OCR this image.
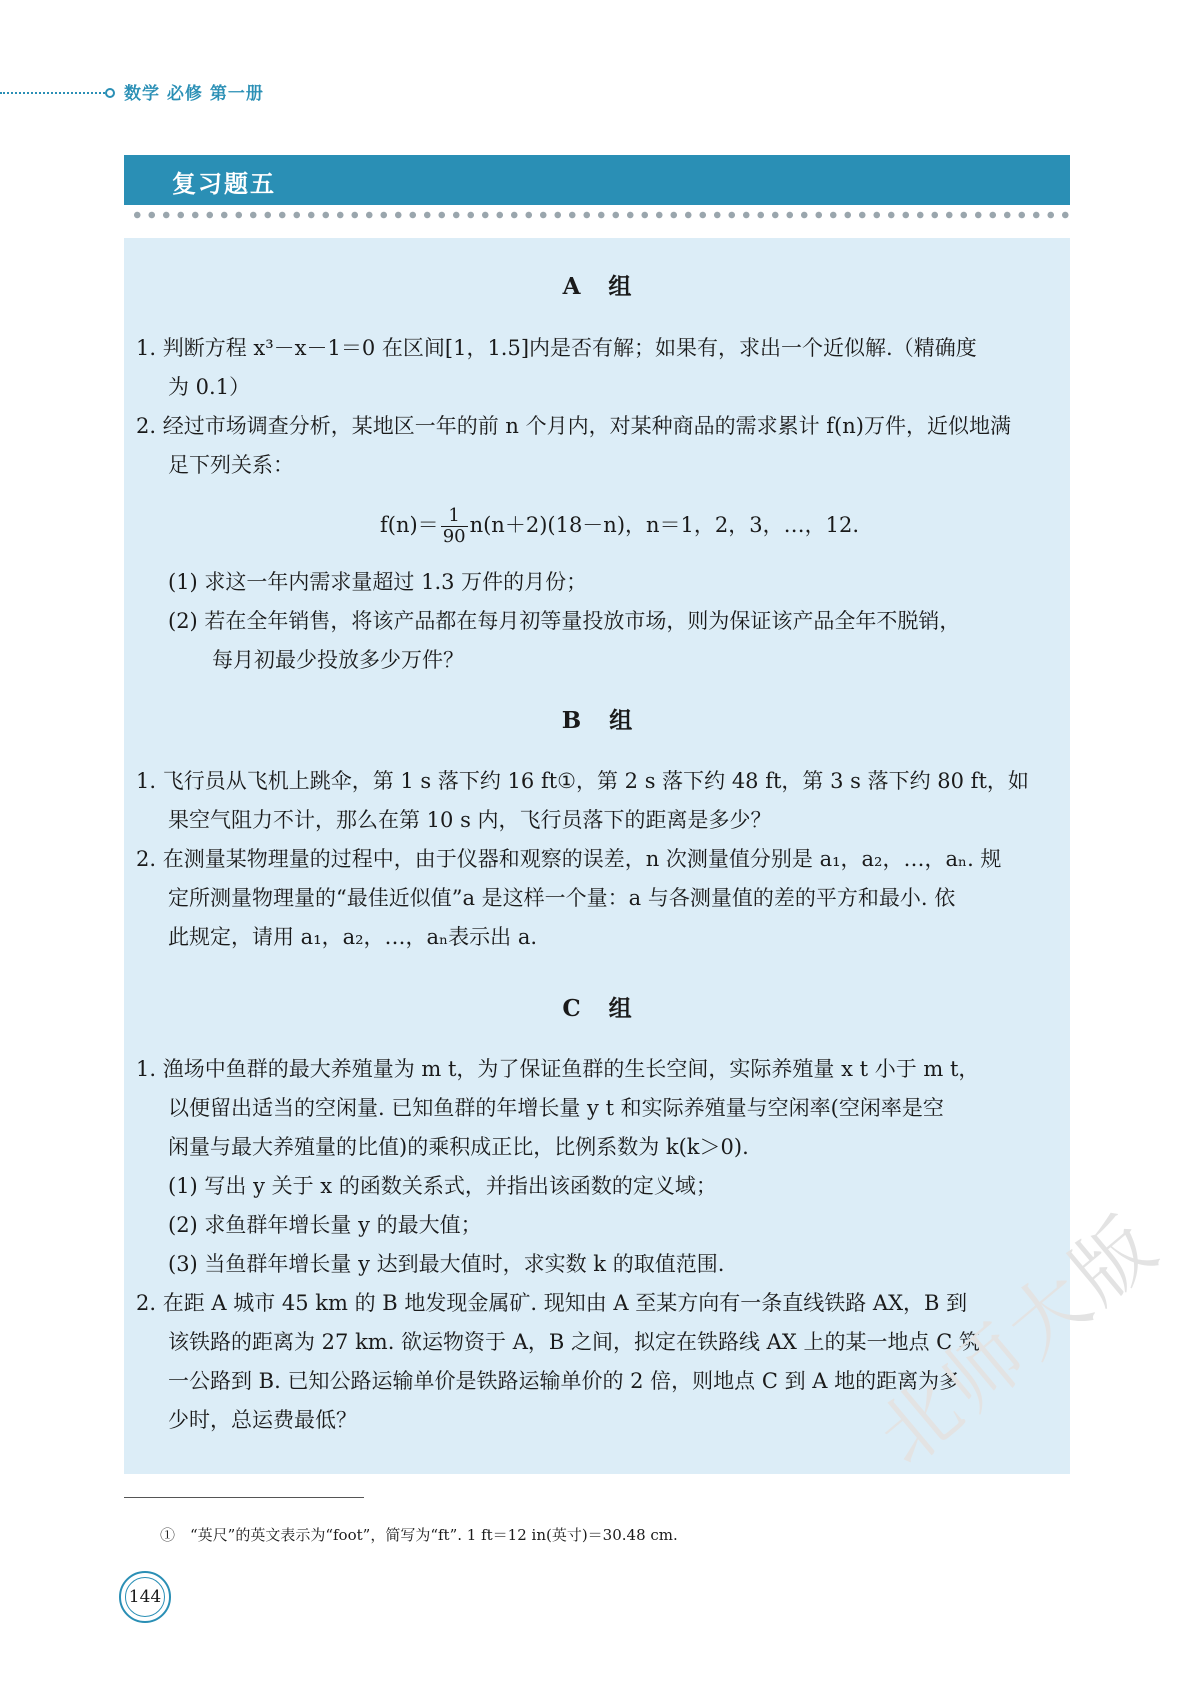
数学 必修 第一册
复习题五
A 组
1. 判断方程 x³－x－1＝0 在区间[1，1.5]内是否有解；如果有，求出一个近似解.（精确度
为 0.1）
2. 经过市场调查分析，某地区一年的前 n 个月内，对某种商品的需求累计 f(n)万件，近似地满
足下列关系：
$f(n)= \frac{1}{90} n(n+2)(18-n)$，n＝1，2，3，…，12.
(1) 求这一年内需求量超过 1.3 万件的月份；
(2) 若在全年销售，将该产品都在每月初等量投放市场，则为保证该产品全年不脱销，
每月初最少投放多少万件？
B 组
1. 飞行员从飞机上跳伞，第 1 s 落下约 16 ft①，第 2 s 落下约 48 ft，第 3 s 落下约 80 ft，如
果空气阻力不计，那么在第 10 s 内，飞行员落下的距离是多少？
2. 在测量某物理量的过程中，由于仪器和观察的误差，n 次测量值分别是 a₁，a₂，…，aₙ. 规
定所测量物理量的“最佳近似值”a 是这样一个量：a 与各测量值的差的平方和最小. 依
此规定，请用 a₁，a₂，…，aₙ表示出 a.
C 组
1. 渔场中鱼群的最大养殖量为 m t，为了保证鱼群的生长空间，实际养殖量 x t 小于 m t，
以便留出适当的空闲量. 已知鱼群的年增长量 y t 和实际养殖量与空闲率(空闲率是空
闲量与最大养殖量的比值)的乘积成正比，比例系数为 k(k＞0).
(1) 写出 y 关于 x 的函数关系式，并指出该函数的定义域；
(2) 求鱼群年增长量 y 的最大值；
(3) 当鱼群年增长量 y 达到最大值时，求实数 k 的取值范围.
2. 在距 A 城市 45 km 的 B 地发现金属矿. 现知由 A 至某方向有一条直线铁路 AX，B 到
该铁路的距离为 27 km. 欲运物资于 A，B 之间，拟定在铁路线 AX 上的某一地点 C 筑
一公路到 B. 已知公路运输单价是铁路运输单价的 2 倍，则地点 C 到 A 地的距离为多
少时，总运费最低？
①　“英尺”的英文表示为“foot”，简写为“ft”. 1 ft＝12 in(英寸)＝30.48 cm.
144
北师大版
